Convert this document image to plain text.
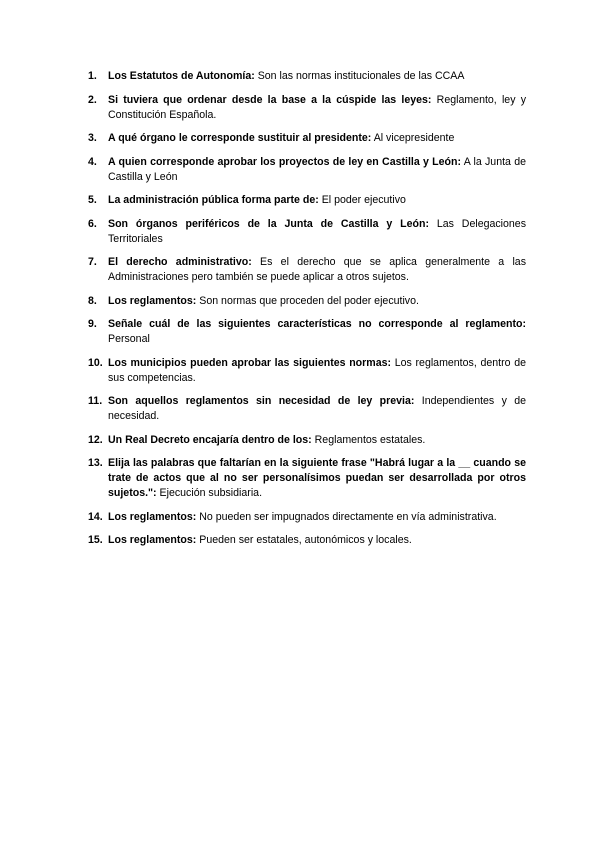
1. Los Estatutos de Autonomía: Son las normas institucionales de las CCAA
2. Si tuviera que ordenar desde la base a la cúspide las leyes: Reglamento, ley y Constitución Española.
3. A qué órgano le corresponde sustituir al presidente: Al vicepresidente
4. A quien corresponde aprobar los proyectos de ley en Castilla y León: A la Junta de Castilla y León
5. La administración pública forma parte de: El poder ejecutivo
6. Son órganos periféricos de la Junta de Castilla y León: Las Delegaciones Territoriales
7. El derecho administrativo: Es el derecho que se aplica generalmente a las Administraciones pero también se puede aplicar a otros sujetos.
8. Los reglamentos: Son normas que proceden del poder ejecutivo.
9. Señale cuál de las siguientes características no corresponde al reglamento: Personal
10. Los municipios pueden aprobar las siguientes normas: Los reglamentos, dentro de sus competencias.
11. Son aquellos reglamentos sin necesidad de ley previa: Independientes y de necesidad.
12. Un Real Decreto encajaría dentro de los: Reglamentos estatales.
13. Elija las palabras que faltarían en la siguiente frase "Habrá lugar a la __ cuando se trate de actos que al no ser personalísimos puedan ser desarrollada por otros sujetos.": Ejecución subsidiaria.
14. Los reglamentos: No pueden ser impugnados directamente en vía administrativa.
15. Los reglamentos: Pueden ser estatales, autonómicos y locales.
